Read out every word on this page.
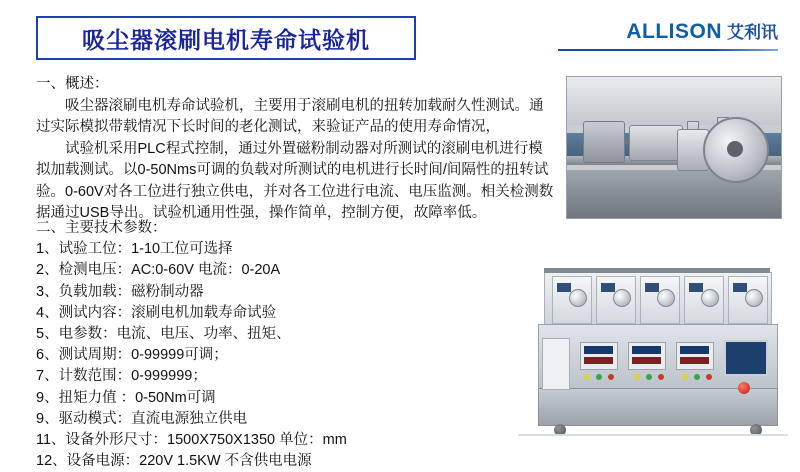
吸尘器滚刷电机寿命试验机	ALLISON 艾利讯

一、概述：

吸尘器滚刷电机寿命试验机，主要用于滚刷电机的扭转加载耐久性测试。通过实际模拟带载情况下长时间的老化测试，来验证产品的使用寿命情况，

试验机采用PLC程式控制，通过外置磁粉制动器对所测试的滚刷电机进行模拟加载测试。以0-50Nms可调的负载对所测试的电机进行长时间/间隔性的扭转试验。0-60V对各工位进行独立供电，并对各工位进行电流、电压监测。相关检测数据通过USB导出。试验机通用性强，操作简单，控制方便，故障率低。

二、主要技术参数：

1、试验工位：1-10工位可选择

2、检测电压：AC:0-60V 电流：0-20A

3、负载加载：磁粉制动器

4、测试内容：滚刷电机加载寿命试验

5、电参数：电流、电压、功率、扭矩、

6、测试周期：0-99999可调；

7、计数范围：0-999999；

9、扭矩力值 ：0-50Nm可调

9、驱动模式：直流电源独立供电

11、设备外形尺寸：1500X750X1350 单位：mm

12、设备电源：220V 1.5KW 不含供电电源
